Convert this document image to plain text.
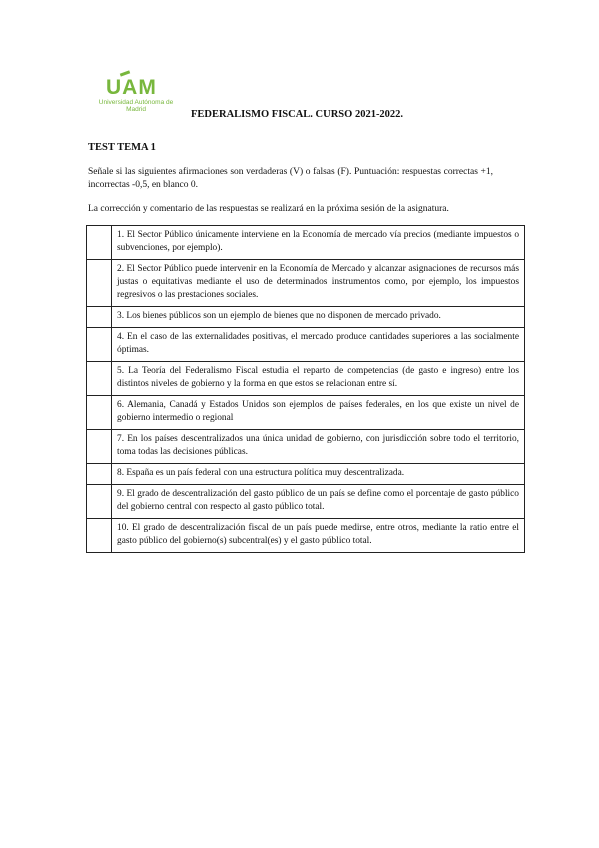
UAM
Universidad Autónoma de Madrid	FEDERALISMO FISCAL. CURSO 2021-2022.
TEST TEMA 1
Señale si las siguientes afirmaciones son verdaderas (V) o falsas (F). Puntuación: respuestas correctas +1, incorrectas -0,5, en blanco 0.
La corrección y comentario de las respuestas se realizará en la próxima sesión de la asignatura.
	1. El Sector Público únicamente interviene en la Economía de mercado vía precios (mediante impuestos o subvenciones, por ejemplo).
	2. El Sector Público puede intervenir en la Economía de Mercado y alcanzar asignaciones de recursos más justas o equitativas mediante el uso de determinados instrumentos como, por ejemplo, los impuestos regresivos o las prestaciones sociales.
	3. Los bienes públicos son un ejemplo de bienes que no disponen de mercado privado.
	4. En el caso de las externalidades positivas, el mercado produce cantidades superiores a las socialmente óptimas.
	5. La Teoría del Federalismo Fiscal estudia el reparto de competencias (de gasto e ingreso) entre los distintos niveles de gobierno y la forma en que estos se relacionan entre sí.
	6. Alemania, Canadá y Estados Unidos son ejemplos de países federales, en los que existe un nivel de gobierno intermedio o regional
	7. En los países descentralizados una única unidad de gobierno, con jurisdicción sobre todo el territorio, toma todas las decisiones públicas.
	8. España es un país federal con una estructura política muy descentralizada.
	9. El grado de descentralización del gasto público de un país se define como el porcentaje de gasto público del gobierno central con respecto al gasto público total.
	10. El grado de descentralización fiscal de un país puede medirse, entre otros, mediante la ratio entre el gasto público del gobierno(s) subcentral(es) y el gasto público total.
